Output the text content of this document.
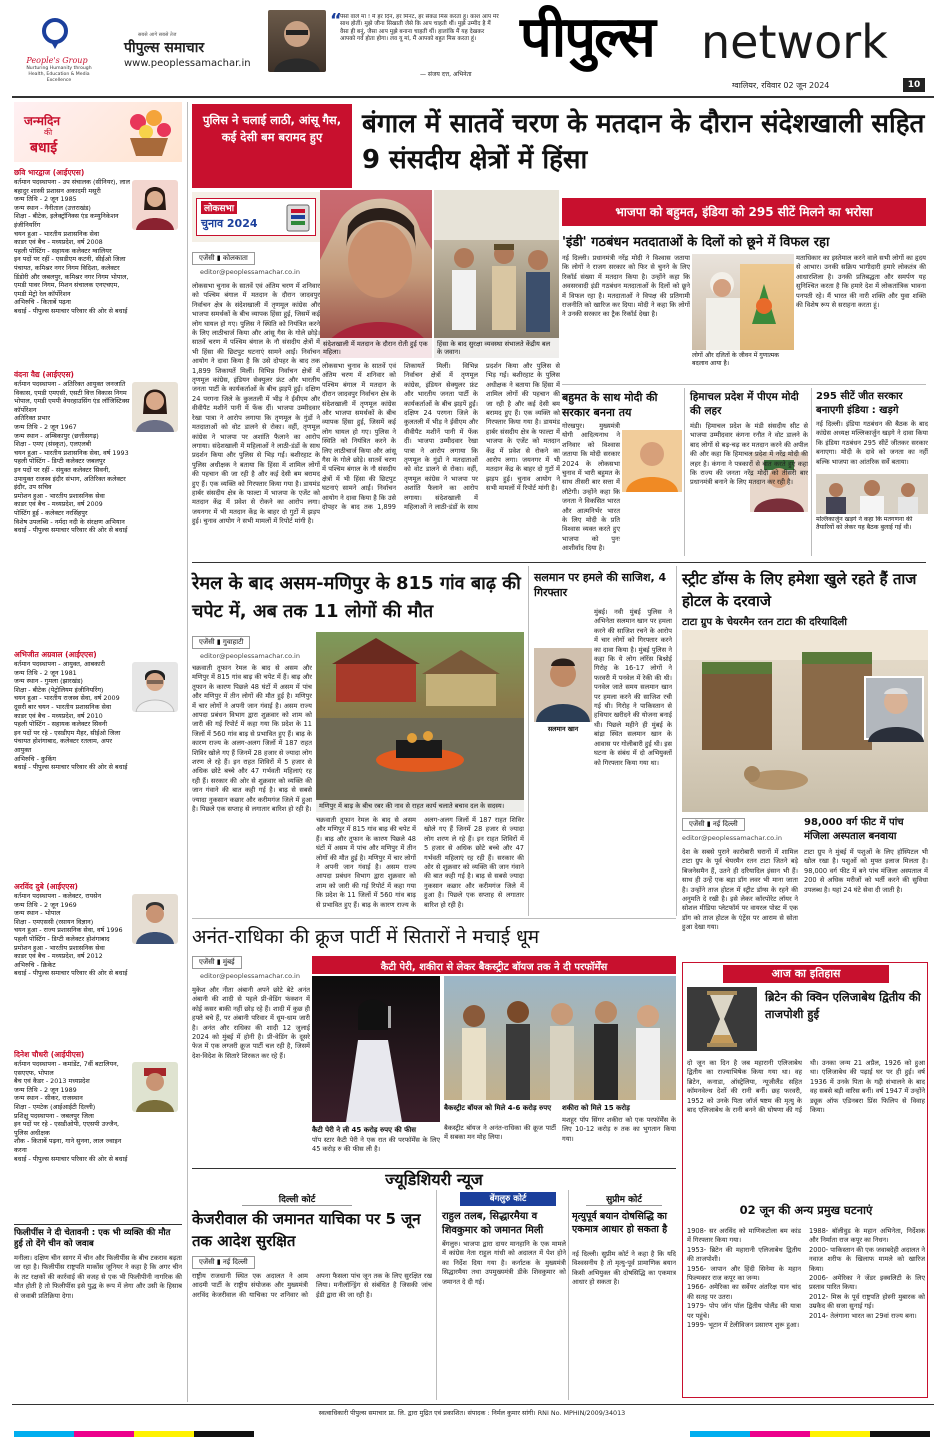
People's Group
Nurturing Humanity through Health, Education & Media Excellence
सबसे आगे सबसे तेज
पीपुल्स समाचार
www.peoplessamachar.in
“
पैसों वाले मां ! मैं हर दिन, हर मिनट, हर सेकंड मिस करता हूं। काश आप मेरे साथ होतीं। मुझे जीना सिखाती जैसे कि आप चाहती थीं। मुझे उम्मीद है मैं वैसा ही बनूं, जैसा आप मुझे बनाना चाहती थीं। हालांकि मैं यह देखकर आपको गर्व होता होगा। लव यू मां, मैं आपको बहुत मिस करता हूं।
— संजय दत्त, अभिनेता
पीपुल्स network
ग्वालियर, रविवार 02 जून 2024	10
जन्मदिन
की
बधाई
छवि भारद्वाज (आईएएस)
वर्तमान पदस्थापना - उप संचालक (सीनियर), लाल बहादुर शास्त्री प्रशासन अकादमी मसूरी
जन्म तिथि - 2 जून 1985
जन्म स्थान - नैनीताल (उत्तराखंड)
शिक्षा - बीटेक, इलेक्ट्रॉनिक्स एंड कम्युनिकेशन इंजीनियरिंग
चयन हुआ - भारतीय प्रशासनिक सेवा
काडर एवं बैच - मध्यप्रदेश, वर्ष 2008
पहली पोस्टिंग - सहायक कलेक्टर ग्वालियर
इन पदों पर रहीं - एसडीएम कटनी, सीईओ जिला पंचायत, कमिश्नर नगर निगम विदिशा, कलेक्टर डिंडोरी और जबलपुर, कमिश्नर नगर निगम भोपाल, एमडी पावर निगम, मिशन संचालक एनएचएम, एमडी मेट्रो रेल कॉर्पोरेशन
अभिरुचि - किताबें पढ़ना
बधाई - पीपुल्स समाचार परिवार की ओर से बधाई
वंदना वैद्य (आईएएस)
वर्तमान पदस्थापना - अतिरिक्त आयुक्त जनजाति विकास, एमडी एमएसी, एसटी वित्त विकास निगम भोपाल, एमडी एमपी वेयरहाउसिंग एंड लॉजिस्टिक्स कॉर्पोरेशन
अतिरिक्त प्रभार
जन्म तिथि - 2 जून 1967
जन्म स्थान - अम्बिकापुर (छत्तीसगढ़)
शिक्षा - एमए (संस्कृत), एलएलबी
चयन हुआ - भारतीय प्रशासनिक सेवा, वर्ष 1993
पहली पोस्टिंग - डिप्टी कलेक्टर जबलपुर
इन पदों पर रहीं - संयुक्त कलेक्टर सिवनी, उपायुक्त राजस्व इंदौर संभाग, अतिरिक्त कलेक्टर इंदौर, उप सचिव
प्रमोशन हुआ - भारतीय प्रशासनिक सेवा
काडर एवं बैच - मध्यप्रदेश, वर्ष 2009
पोस्टिंग हुई - कलेक्टर नरसिंहपुर
विशेष उपलब्धि - नर्मदा नदी के संरक्षण अभियान
बधाई - पीपुल्स समाचार परिवार की ओर से बधाई
अभिजीत अग्रवाल (आईएएस)
वर्तमान पदस्थापना - आयुक्त, आबकारी
जन्म तिथि - 2 जून 1981
जन्म स्थान - गुमला (झारखंड)
शिक्षा - बीटेक (पेट्रोलियम इंजीनियरिंग)
चयन हुआ - भारतीय राजस्व सेवा, वर्ष 2009
दूसरी बार चयन - भारतीय प्रशासनिक सेवा
काडर एवं बैच - मध्यप्रदेश, वर्ष 2010
पहली पोस्टिंग - सहायक कलेक्टर सिवनी
इन पदों पर रहे - एसडीएम मैहर, सीईओ जिला पंचायत होशंगाबाद, कलेक्टर रतलाम, अपर आयुक्त
अभिरुचि - कुकिंग
बधाई - पीपुल्स समाचार परिवार की ओर से बधाई
अरविंद दुबे (आईएएस)
वर्तमान पदस्थापना - कलेक्टर, रायसेन
जन्म तिथि - 2 जून 1969
जन्म स्थान - भोपाल
शिक्षा - एमएससी (रसायन विज्ञान)
चयन हुआ - राज्य प्रशासनिक सेवा, वर्ष 1996
पहली पोस्टिंग - डिप्टी कलेक्टर होशंगाबाद
प्रमोशन हुआ - भारतीय प्रशासनिक सेवा
काडर एवं बैच - मध्यप्रदेश, वर्ष 2012
अभिरुचि - क्रिकेट
बधाई - पीपुल्स समाचार परिवार की ओर से बधाई
दिनेश चौधरी (आईपीएस)
वर्तमान पदस्थापना - कमांडेंट, 7वीं बटालियन, एसएएफ, भोपाल
बैच एवं कैडर - 2013 मध्यप्रदेश
जन्म तिथि - 2 जून 1989
जन्म स्थान - सीकर, राजस्थान
शिक्षा - एमटेक (आईआईटी दिल्ली)
प्रशिक्षु पदस्थापना - जबलपुर जिला
इन पदों पर रहे - एसडीओपी, एएसपी उज्जैन, पुलिस अधीक्षक
शौक - किताबें पढ़ना, गाने सुनना, लाल ज्वाइन करना
बधाई - पीपुल्स समाचार परिवार की ओर से बधाई
फिलीपींस ने दी चेतावनी : एक भी व्यक्ति की मौत हुई तो देंगे चीन को जवाब
मनीला। दक्षिण चीन सागर में चीन और फिलीपींस के बीच टकराव बढ़ता जा रहा है। फिलीपींस राष्ट्रपति मार्कोस जूनियर ने कहा है कि अगर चीन के तट रक्षकों की कार्रवाई की वजह से एक भी फिलीपीनी नागरिक की मौत होती है तो फिलीपींस इसे युद्ध के रूप में लेगा और उसी के हिसाब से जवाबी प्रतिक्रिया देगा।
पुलिस ने चलाई लाठी, आंसू गैस, कई देसी बम बरामद हुए	बंगाल में सातवें चरण के मतदान के दौरान संदेशखाली सहित 9 संसदीय क्षेत्रों में हिंसा
लोकसभा
चुनाव 2024
एजेंसी ▮ कोलकाता
editor@peoplessamachar.co.in
संदेशखाली में मतदान के दौरान रोती हुई एक महिला।
हिंसा के बाद सुरक्षा व्यवस्था संभालते केंद्रीय बल के जवान।
लोकसभा चुनाव के सातवें एवं अंतिम चरण में शनिवार को पश्चिम बंगाल में मतदान के दौरान जादवपुर निर्वाचन क्षेत्र के संदेशखाली में तृणमूल कांग्रेस और भाजपा समर्थकों के बीच व्यापक हिंसा हुई, जिसमें कई लोग घायल हो गए। पुलिस ने स्थिति को नियंत्रित करने के लिए लाठीचार्ज किया और आंसू गैस के गोले छोड़े। सातवें चरण में पश्चिम बंगाल के नौ संसदीय क्षेत्रों में भी हिंसा की छिटपुट घटनाएं सामने आईं। निर्वाचन आयोग ने दावा किया है कि उसे दोपहर के बाद तक 1,899 शिकायतें मिलीं। विभिन्न निर्वाचन क्षेत्रों में तृणमूल कांग्रेस, इंडियन सेक्युलर फ्रंट और भारतीय जनता पार्टी के कार्यकर्ताओं के बीच झड़पें हुईं। दक्षिण 24 परगना जिले के कुलतली में भीड़ ने ईवीएम और वीवीपैट मशीनें पानी में फेंक दीं। भाजपा उम्मीदवार रेखा पात्रा ने आरोप लगाया कि तृणमूल के गुंडों ने मतदाताओं को वोट डालने से रोका। वहीं, तृणमूल कांग्रेस ने भाजपा पर अशांति फैलाने का आरोप लगाया। संदेशखाली में महिलाओं ने लाठी-डंडों के साथ प्रदर्शन किया और पुलिस से भिड़ गईं। बशीरहाट के पुलिस अधीक्षक ने बताया कि हिंसा में शामिल लोगों की पहचान की जा रही है और कई देसी बम बरामद हुए हैं। एक व्यक्ति को गिरफ्तार किया गया है। डायमंड हार्बर संसदीय क्षेत्र के फाल्टा में भाजपा के एजेंट को मतदान केंद्र में प्रवेश से रोकने का आरोप लगा। जयनगर में भी मतदान केंद्र के बाहर दो गुटों में झड़प हुई। चुनाव आयोग ने सभी मामलों में रिपोर्ट मांगी है।
लोकसभा चुनाव के सातवें एवं अंतिम चरण में शनिवार को पश्चिम बंगाल में मतदान के दौरान जादवपुर निर्वाचन क्षेत्र के संदेशखाली में तृणमूल कांग्रेस और भाजपा समर्थकों के बीच व्यापक हिंसा हुई, जिसमें कई लोग घायल हो गए। पुलिस ने स्थिति को नियंत्रित करने के लिए लाठीचार्ज किया और आंसू गैस के गोले छोड़े। सातवें चरण में पश्चिम बंगाल के नौ संसदीय क्षेत्रों में भी हिंसा की छिटपुट घटनाएं सामने आईं। निर्वाचन आयोग ने दावा किया है कि उसे दोपहर के बाद तक 1,899 शिकायतें मिलीं। विभिन्न निर्वाचन क्षेत्रों में तृणमूल कांग्रेस, इंडियन सेक्युलर फ्रंट और भारतीय जनता पार्टी के कार्यकर्ताओं के बीच झड़पें हुईं। दक्षिण 24 परगना जिले के कुलतली में भीड़ ने ईवीएम और वीवीपैट मशीनें पानी में फेंक दीं। भाजपा उम्मीदवार रेखा पात्रा ने आरोप लगाया कि तृणमूल के गुंडों ने मतदाताओं को वोट डालने से रोका। वहीं, तृणमूल कांग्रेस ने भाजपा पर अशांति फैलाने का आरोप लगाया। संदेशखाली में महिलाओं ने लाठी-डंडों के साथ प्रदर्शन किया और पुलिस से भिड़ गईं। बशीरहाट के पुलिस अधीक्षक ने बताया कि हिंसा में शामिल लोगों की पहचान की जा रही है और कई देसी बम बरामद हुए हैं। एक व्यक्ति को गिरफ्तार किया गया है। डायमंड हार्बर संसदीय क्षेत्र के फाल्टा में भाजपा के एजेंट को मतदान केंद्र में प्रवेश से रोकने का आरोप लगा। जयनगर में भी मतदान केंद्र के बाहर दो गुटों में झड़प हुई। चुनाव आयोग ने सभी मामलों में रिपोर्ट मांगी है।
भाजपा को बहुमत, इंडिया को 295 सीटें मिलने का भरोसा
'इंडी' गठबंधन मतदाताओं के दिलों को छूने में विफल रहा
नई दिल्ली। प्रधानमंत्री नरेंद्र मोदी ने विश्वास जताया कि लोगों ने राजग सरकार को फिर से चुनने के लिए रिकॉर्ड संख्या में मतदान किया है। उन्होंने कहा कि अवसरवादी इंडी गठबंधन मतदाताओं के दिलों को छूने में विफल रहा है। मतदाताओं ने विपक्ष की प्रतिगामी राजनीति को खारिज कर दिया। मोदी ने कहा कि लोगों ने उनकी सरकार का ट्रैक रिकॉर्ड देखा है।
लोगों और दलितों के जीवन में गुणात्मक बदलाव आया है।
मताधिकार का इस्तेमाल करने वाले सभी लोगों का हृदय से आभार। उनकी सक्रिय भागीदारी हमारे लोकतंत्र की आधारशिला है। उनकी प्रतिबद्धता और समर्पण यह सुनिश्चित करता है कि हमारे देश में लोकतांत्रिक भावना पनपती रहे। मैं भारत की नारी शक्ति और युवा शक्ति की विशेष रूप से सराहना करता हूं।
बहुमत के साथ मोदी की सरकार बनना तय
गोरखपुर। मुख्यमंत्री योगी आदित्यनाथ ने शनिवार को विश्वास जताया कि मोदी सरकार 2024 के लोकसभा चुनाव में भारी बहुमत के साथ तीसरी बार सत्ता में लौटेगी। उन्होंने कहा कि जनता ने विकसित भारत और आत्मनिर्भर भारत के लिए मोदी के प्रति विश्वास व्यक्त करते हुए भाजपा को पुनः आशीर्वाद दिया है।
हिमाचल प्रदेश में पीएम मोदी की लहर
मंडी। हिमाचल प्रदेश के मंडी संसदीय सीट से भाजपा उम्मीदवार कंगना रनौत ने वोट डालने के बाद लोगों से बढ़-चढ़ कर मतदान करने की अपील की और कहा कि हिमाचल प्रदेश में नरेंद्र मोदी की लहर है। कंगना ने पत्रकारों से बात करते हुए कहा कि राज्य की जनता नरेंद्र मोदी को तीसरी बार प्रधानमंत्री बनाने के लिए मतदान कर रही है।
295 सीटें जीत सरकार बनाएगी इंडिया : खड़गे
नई दिल्ली। इंडिया गठबंधन की बैठक के बाद कांग्रेस अध्यक्ष मल्लिकार्जुन खड़गे ने दावा किया कि इंडिया गठबंधन 295 सीटें जीतकर सरकार बनाएगा। मोदी के दावे को जनता का नहीं बल्कि भाजपा का आंतरिक सर्वे बताया।
मल्लिकार्जुन खड़गे ने कहा कि मतगणना की तैयारियों को लेकर यह बैठक बुलाई गई थी।
रेमल के बाद असम-मणिपुर के 815 गांव बाढ़ की चपेट में, अब तक 11 लोगों की मौत
एजेंसी ▮ गुवाहाटी
editor@peoplessamachar.co.in
चक्रवाती तूफान रेमल के बाद से असम और मणिपुर में 815 गांव बाढ़ की चपेट में हैं। बाढ़ और तूफान के कारण पिछले 48 घंटों में असम में पांच और मणिपुर में तीन लोगों की मौत हुई है। मणिपुर में चार लोगों ने अपनी जान गंवाई है। असम राज्य आपदा प्रबंधन विभाग द्वारा शुक्रवार को शाम को जारी की गई रिपोर्ट में कहा गया कि प्रदेश के 11 जिलों में 560 गांव बाढ़ से प्रभावित हुए हैं। बाढ़ के कारण राज्य के अलग-अलग जिलों में 187 राहत शिविर खोले गए हैं जिनमें 28 हजार से ज्यादा लोग शरण ले रहे हैं। इन राहत शिविरों में 5 हजार से अधिक छोटे बच्चे और 47 गर्भवती महिलाएं रह रही हैं। सरकार की ओर से शुक्रवार को व्यक्ति की जान गंवाने की बात कही गई है। बाढ़ से सबसे ज्यादा नुकसान कछार और करीमगंज जिले में हुआ है। पिछले एक सप्ताह से लगातार बारिश हो रही है।	मणिपुर में बाढ़ के बीच रबर की नाव से राहत कार्य चलाते बचाव दल के सदस्य।
चक्रवाती तूफान रेमल के बाद से असम और मणिपुर में 815 गांव बाढ़ की चपेट में हैं। बाढ़ और तूफान के कारण पिछले 48 घंटों में असम में पांच और मणिपुर में तीन लोगों की मौत हुई है। मणिपुर में चार लोगों ने अपनी जान गंवाई है। असम राज्य आपदा प्रबंधन विभाग द्वारा शुक्रवार को शाम को जारी की गई रिपोर्ट में कहा गया कि प्रदेश के 11 जिलों में 560 गांव बाढ़ से प्रभावित हुए हैं। बाढ़ के कारण राज्य के अलग-अलग जिलों में 187 राहत शिविर खोले गए हैं जिनमें 28 हजार से ज्यादा लोग शरण ले रहे हैं। इन राहत शिविरों में 5 हजार से अधिक छोटे बच्चे और 47 गर्भवती महिलाएं रह रही हैं। सरकार की ओर से शुक्रवार को व्यक्ति की जान गंवाने की बात कही गई है। बाढ़ से सबसे ज्यादा नुकसान कछार और करीमगंज जिले में हुआ है। पिछले एक सप्ताह से लगातार बारिश हो रही है।
सलमान पर हमले की साजिश, 4 गिरफ्तार
मुंबई। नवी मुंबई पुलिस ने अभिनेता सलमान खान पर हमला करने की साजिश रचने के आरोप में चार लोगों को गिरफ्तार करने का दावा किया है। मुंबई पुलिस ने कहा कि ये लोग लॉरेंस बिश्नोई गिरोह के 16-17 लोगों ने फरवरी में पनवेल में रेकी की थी। पनवेल जाते समय सलमान खान पर हमला करने की साजिश रची गई थी। गिरोह ने पाकिस्तान से हथियार खरीदने की योजना बनाई थी। पिछले महीने ही मुंबई के बांद्रा स्थित सलमान खान के आवास पर गोलीबारी हुई थी। इस घटना के संबंध में दो अभियुक्तों को गिरफ्तार किया गया था।
सलमान खान
स्ट्रीट डॉग्स के लिए हमेशा खुले रहते हैं ताज होटल के दरवाजे
टाटा ग्रुप के चेयरमैन रतन टाटा की दरियादिली
एजेंसी ▮ नई दिल्ली
editor@peoplessamachar.co.in
देश के सबसे पुराने कारोबारी घरानों में शामिल टाटा ग्रुप के पूर्व चेयरमैन रतन टाटा जितने बड़े बिजनेसमैन हैं, उतने ही दरियादिल इंसान भी हैं। साथ ही उन्हें एक बड़ा डॉग लवर भी माना जाता है। उन्होंने ताज होटल में स्ट्रीट डॉग्स के रहने की अनुमति दे रखी है। इसे लेकर कॉरपोरेट लॉयर ने सोशल मीडिया प्लेटफॉर्म पर वायरल पोस्ट में एक डॉग को ताज होटल के एंट्रेंस पर आराम से सोता हुआ देखा गया।
98,000 वर्ग फीट में पांच मंजिला अस्पताल बनवाया
टाटा ग्रुप ने मुंबई में पशुओं के लिए हॉस्पिटल भी खोल रखा है। पशुओं को मुफ्त इलाज मिलता है। 98,000 वर्ग फीट में बने पांच मंजिला अस्पताल में 200 से अधिक मरीजों को भर्ती करने की सुविधा उपलब्ध है। यहां 24 घंटे सेवा दी जाती है।
आज का इतिहास
ब्रिटेन की क्विन एलिजाबेथ द्वितीय की ताजपोशी हुई
दो जून का दिन है जब महारानी एलिजाबेथ द्वितीय का राज्याभिषेक किया गया था। वह ब्रिटेन, कनाडा, ऑस्ट्रेलिया, न्यूजीलैंड सहित कॉमनवेल्थ देशों की रानी बनीं। छह फरवरी, 1952 को उनके पिता जॉर्ज षष्टम की मृत्यु के बाद एलिजाबेथ के रानी बनने की घोषणा की गई थी। उनका जन्म 21 अप्रैल, 1926 को हुआ था। एलिजाबेथ की पढ़ाई घर पर ही हुई। वर्ष 1936 में उनके पिता के गद्दी संभालने के बाद वह सबसे बड़ी वारिस बनीं। वर्ष 1947 में उन्होंने ड्यूक ऑफ एडिनबरा प्रिंस फिलिप से विवाह किया।
02 जून की अन्य प्रमुख घटनाएं
1908- सर अरविंद को माणिकटोला बम कांड में गिरफ्तार किया गया।
1953- ब्रिटेन की महारानी एलिजाबेथ द्वितीय की ताजपोशी।
1956- जापान और हिंदी सिनेमा के महान फिल्मकार राज कपूर का जन्म।
1966- अमेरिका का सर्वेयर अंतरिक्ष यान चांद की सतह पर उतरा।
1979- पोप जॉन पॉल द्वितीय पोलैंड की यात्रा पर पहुंचे।
1999- भूटान में टेलीविजन प्रसारण शुरू हुआ।
1988- बॉलीवुड के महान अभिनेता, निर्देशक और निर्माता राज कपूर का निधन।
2000- पाकिस्तान की एक जवाबदेही अदालत ने नवाज शरीफ के खिलाफ मामले को खारिज किया।
2006- अमेरिका ने जेंडर इक्वलिटी के लिए प्रस्ताव पारित किया।
2012- मिस्र के पूर्व राष्ट्रपति होस्नी मुबारक को उम्रकैद की सजा सुनाई गई।
2014- तेलंगाना भारत का 29वां राज्य बना।
अनंत-राधिका की क्रूज पार्टी में सितारों ने मचाई धूम
एजेंसी ▮ मुंबई
editor@peoplessamachar.co.in
कैटी पेरी, शकीरा से लेकर बैकस्ट्रीट बॉयज तक ने दी परफॉर्मेंस
मुकेश और नीता अंबानी अपने छोटे बेटे अनंत अंबानी की शादी से पहले प्री-वेडिंग फंक्शन में कोई कसर बाकी नहीं छोड़ रहे हैं। शादी में कुछ ही हफ्ते बचे हैं, पर अंबानी परिवार में धूम-धाम जारी है। अनंत और राधिका की शादी 12 जुलाई 2024 को मुंबई में होनी है। प्री-वेडिंग के दूसरे फेज में एक लग्जरी क्रूज पार्टी चल रही है, जिसमें देश-विदेश के सितारे शिरकत कर रहे हैं।
कैटी पेरी ने ली 45 करोड़ रुपए की फीस
पॉप स्टार कैटी पेरी ने एक रात की परफॉर्मेंस के लिए 45 करोड़ रु की फीस ली है।
बैकस्ट्रीट बॉयज को मिले 4-6 करोड़ रुपए
बैकस्ट्रीट बॉयज ने अनंत-राधिका की क्रूज पार्टी में सबका मन मोह लिया।
शकीरा को मिले 15 करोड़
मशहूर पॉप सिंगर शकीरा को एक परफॉर्मेंस के लिए 10-12 करोड़ रु तक का भुगतान किया गया।
ज्यूडिशियरी न्यूज
दिल्ली कोर्ट
केजरीवाल की जमानत याचिका पर 5 जून तक आदेश सुरक्षित
एजेंसी ▮ नई दिल्ली
राष्ट्रीय राजधानी स्थित एक अदालत ने आम आदमी पार्टी के राष्ट्रीय संयोजक और मुख्यमंत्री अरविंद केजरीवाल की याचिका पर शनिवार को अपना फैसला पांच जून तक के लिए सुरक्षित रख लिया। मनीलॉन्ड्रिंग से संबंधित है जिसकी जांच ईडी द्वारा की जा रही है।
बेंगलुरु कोर्ट
राहुल तलब, सिद्धारमैया व शिवकुमार को जमानत मिली
बेंगलुरु। भाजपा द्वारा दायर मानहानि के एक मामले में कांग्रेस नेता राहुल गांधी को अदालत में पेश होने का निर्देश दिया गया है। कर्नाटक के मुख्यमंत्री सिद्धारमैया तथा उपमुख्यमंत्री डीके शिवकुमार को जमानत दे दी गई।
सुप्रीम कोर्ट
मृत्युपूर्व बयान दोषसिद्धि का एकमात्र आधार हो सकता है
नई दिल्ली। सुप्रीम कोर्ट ने कहा है कि यदि विश्वसनीय है तो मृत्यु-पूर्व प्रामाणिक बयान किसी अभियुक्त की दोषसिद्धि का एकमात्र आधार हो सकता है।
स्वत्वाधिकारी पीपुल्स समाचार प्रा. लि. द्वारा मुद्रित एवं प्रकाशित। संपादक : निर्मल कुमार सांगी। RNI No. MPHIN/2009/34013
